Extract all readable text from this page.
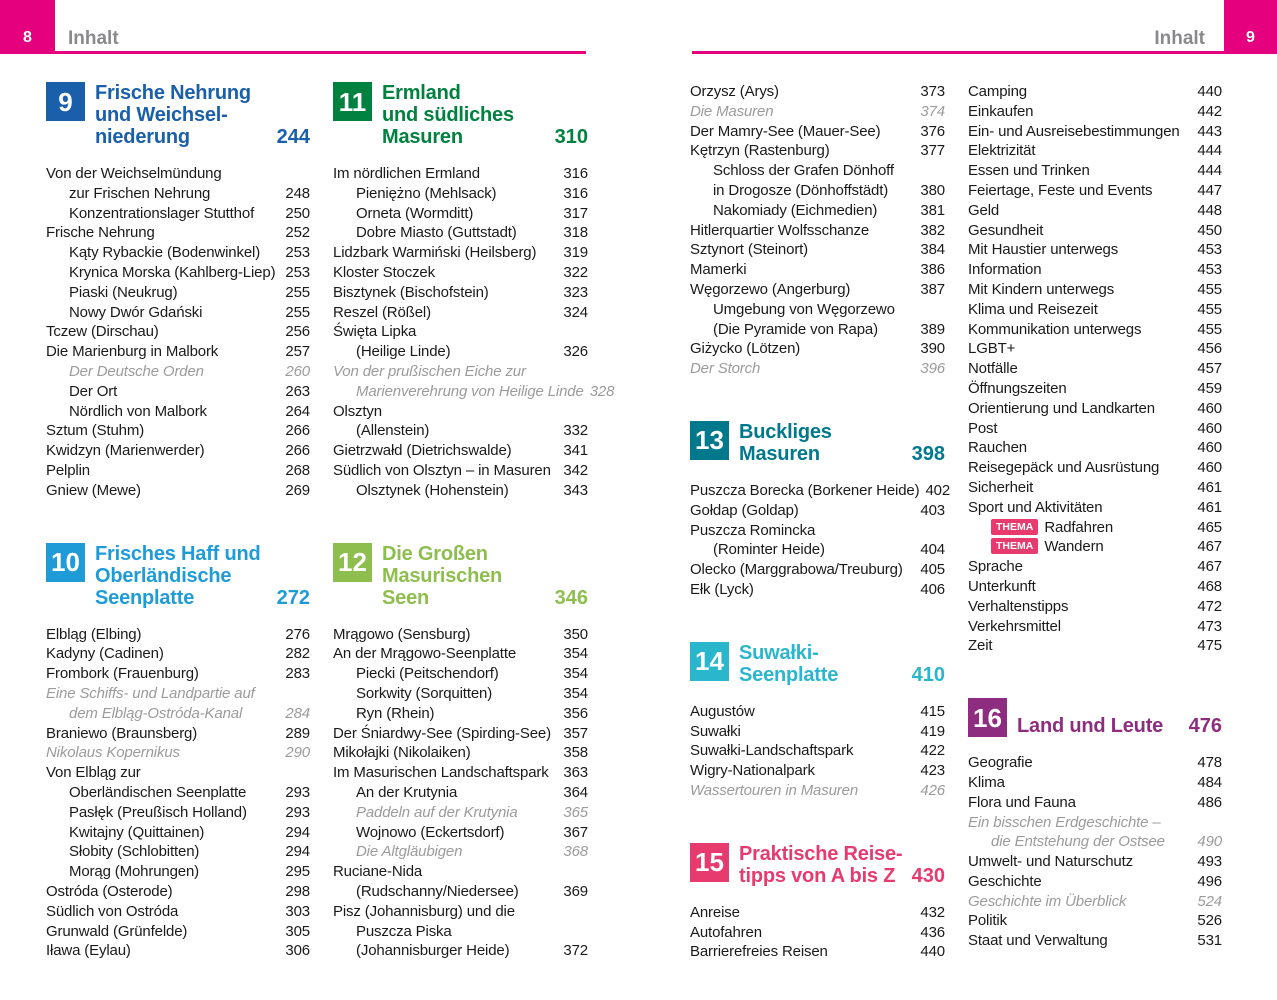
8 Inhalt	9
Inhalt
9	Frische Nehrung
und Weichsel-
niederung	244
Von der Weichselmündung
zur Frischen Nehrung	248
Konzentrationslager Stutthof	250
Frische Nehrung	252
Kąty Rybackie (Bodenwinkel)	253
Krynica Morska (Kahlberg-Liep) 253
Piaski (Neukrug)	255
Nowy Dwór Gdański	255
Tczew (Dirschau)	256
Die Marienburg in Malbork	257
Der Deutsche Orden	260
Der Ort	263
Nördlich von Malbork	264
Sztum (Stuhm)	266
Kwidzyn (Marienwerder)	266
Pelplin	268
Gniew (Mewe)	269
10 Frisches Haff und
Oberländische
Seenplatte	272
Elbląg (Elbing)	276
Kadyny (Cadinen)	282
Frombork (Frauenburg)	283
Eine Schiffs- und Landpartie auf
dem Elbląg-Ostróda-Kanal	284
Braniewo (Braunsberg)	289
Nikolaus Kopernikus	290
Von Elbląg zur
Oberländischen Seenplatte	293
Pasłęk (Preußisch Holland)	293
Kwitajny (Quittainen)	294
Słobity (Schlobitten)	294
Morąg (Mohrungen)	295
Ostróda (Osterode)	298
Südlich von Ostróda	303
Grunwald (Grünfelde)	305
Iława (Eylau)	306
11 Ermland
und südliches
Masuren	310
Im nördlichen Ermland	316
Pieniężno (Mehlsack)	316
Orneta (Wormditt)	317
Dobre Miasto (Guttstadt)	318
Lidzbark Warmiński (Heilsberg)	319
Kloster Stoczek	322
Bisztynek (Bischofstein)	323
Reszel (Rößel)	324
Święta Lipka
(Heilige Linde)	326
Von der prußischen Eiche zur
Marienverehrung von Heilige Linde 328
Olsztyn
(Allenstein)	332
Gietrzwałd (Dietrichswalde)	341
Südlich von Olsztyn – in Masuren 342
Olsztynek (Hohenstein)	343
12 Die Großen
Masurischen
Seen	346
Mrągowo (Sensburg)	350
An der Mrągowo-Seenplatte	354
Piecki (Peitschendorf)	354
Sorkwity (Sorquitten)	354
Ryn (Rhein)	356
Der Śniardwy-See (Spirding-See) 357
Mikołajki (Nikolaiken)	358
Im Masurischen Landschaftspark 363
An der Krutynia	364
Paddeln auf der Krutynia	365
Wojnowo (Eckertsdorf)	367
Die Altgläubigen	368
Ruciane-Nida
(Rudschanny/Niedersee)	369
Pisz (Johannisburg) und die
Puszcza Piska
(Johannisburger Heide)	372
Orzysz (Arys)	373
Die Masuren	374
Der Mamry-See (Mauer-See)	376
Kętrzyn (Rastenburg)	377
Schloss der Grafen Dönhoff
in Drogosze (Dönhoffstädt)	380
Nakomiady (Eichmedien)	381
Hitlerquartier Wolfsschanze	382
Sztynort (Steinort)	384
Mamerki	386
Węgorzewo (Angerburg)	387
Umgebung von Węgorzewo
(Die Pyramide von Rapa)	389
Giżycko (Lötzen)	390
Der Storch	396
13 Buckliges
Masuren	398
Puszcza Borecka (Borkener Heide) 402
Gołdap (Goldap)	403
Puszcza Romincka
(Rominter Heide)	404
Olecko (Marggrabowa/Treuburg)	405
Ełk (Lyck)	406
14 Suwałki-
Seenplatte	410
Augustów	415
Suwałki	419
Suwałki-Landschaftspark	422
Wigry-Nationalpark	423
Wassertouren in Masuren	426
15 Praktische Reise-
tipps von A bis Z 430
Anreise	432
Autofahren	436
Barrierefreies Reisen	440
Camping	440
Einkaufen	442
Ein- und Ausreisebestimmungen	443
Elektrizität	444
Essen und Trinken	444
Feiertage, Feste und Events	447
Geld	448
Gesundheit	450
Mit Haustier unterwegs	453
Information	453
Mit Kindern unterwegs	455
Klima und Reisezeit	455
Kommunikation unterwegs	455
LGBT+	456
Notfälle	457
Öffnungszeiten	459
Orientierung und Landkarten	460
Post	460
Rauchen	460
Reisegepäck und Ausrüstung	460
Sicherheit	461
Sport und Aktivitäten	461
THEMA Radfahren	465
THEMA Wandern	467
Sprache	467
Unterkunft	468
Verhaltenstipps	472
Verkehrsmittel	473
Zeit	475
16 Land und Leute 476
Geografie	478
Klima	484
Flora und Fauna	486
Ein bisschen Erdgeschichte –
die Entstehung der Ostsee	490
Umwelt- und Naturschutz	493
Geschichte	496
Geschichte im Überblick	524
Politik	526
Staat und Verwaltung	531
